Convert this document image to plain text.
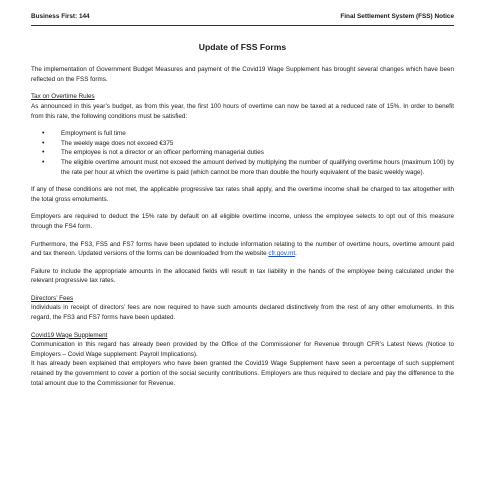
Business First: 144	Final Settlement System (FSS) Notice
Update of FSS Forms

The implementation of Government Budget Measures and payment of the Covid19 Wage Supplement has brought several changes which have been reflected on the FSS forms.

Tax on Overtime Rules

As announced in this year’s budget, as from this year, the first 100 hours of overtime can now be taxed at a reduced rate of 15%. In order to benefit from this rate, the following conditions must be satisfied:

• Employment is full time
• The weekly wage does not exceed €375
• The employee is not a director or an officer performing managerial duties
• The eligible overtime amount must not exceed the amount derived by multiplying the number of qualifying overtime hours (maximum 100) by the rate per hour at which the overtime is paid (which cannot be more than double the hourly equivalent of the basic weekly wage).

If any of these conditions are not met, the applicable progressive tax rates shall apply, and the overtime income shall be charged to tax altogether with the total gross emoluments.

Employers are required to deduct the 15% rate by default on all eligible overtime income, unless the employee selects to opt out of this measure through the FS4 form.

Furthermore, the FS3, FS5 and FS7 forms have been updated to include information relating to the number of overtime hours, overtime amount paid and tax thereon. Updated versions of the forms can be downloaded from the website cfr.gov.mt.

Failure to include the appropriate amounts in the allocated fields will result in tax liability in the hands of the employee being calculated under the relevant progressive tax rates.

Directors’ Fees

Individuals in receipt of directors’ fees are now required to have such amounts declared distinctively from the rest of any other emoluments. In this regard, the FS3 and FS7 forms have been updated.

Covid19 Wage Supplement

Communication in this regard has already been provided by the Office of the Commissioner for Revenue through CFR’s Latest News (Notice to Employers – Covid Wage supplement: Payroll Implications).

It has already been explained that employers who have been granted the Covid19 Wage Supplement have seen a percentage of such supplement retained by the government to cover a portion of the social security contributions. Employers are thus required to declare and pay the difference to the total amount due to the Commissioner for Revenue.
